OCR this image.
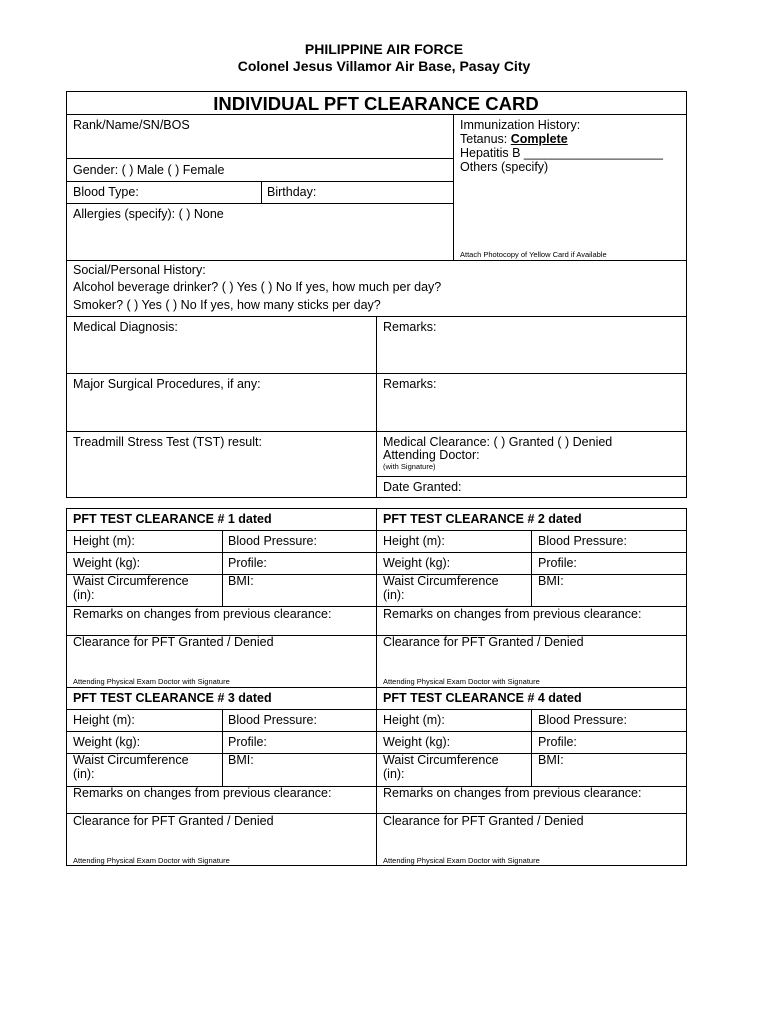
PHILIPPINE AIR FORCE
Colonel Jesus Villamor Air Base, Pasay City
INDIVIDUAL PFT CLEARANCE CARD
Rank/Name/SN/BOS	Immunization History:
Tetanus: Complete
Hepatitis B ____________________
Others (specify)
Gender: ( ) Male ( ) Female
Blood Type:	Birthday:
Allergies (specify): ( ) None
Attach Photocopy of Yellow Card if Available
Social/Personal History:
Alcohol beverage drinker? ( ) Yes ( ) No If yes, how much per day?
Smoker? ( ) Yes ( ) No If yes, how many sticks per day?
Medical Diagnosis:	Remarks:
Major Surgical Procedures, if any:	Remarks:
Treadmill Stress Test (TST) result:	Medical Clearance: ( ) Granted ( ) Denied
Attending Doctor:
(with Signature)
Date Granted:
PFT TEST CLEARANCE # 1 dated
Height (m):	Blood Pressure:
Weight (kg):	Profile:
Waist Circumference
(in):
BMI:
Remarks on changes from previous clearance:
Clearance for PFT Granted / Denied
Attending Physical Exam Doctor with Signature
PFT TEST CLEARANCE # 2 dated
Height (m):	Blood Pressure:
Weight (kg):	Profile:
Waist Circumference
(in):
BMI:
Remarks on changes from previous clearance:
Clearance for PFT Granted / Denied
Attending Physical Exam Doctor with Signature
PFT TEST CLEARANCE # 3 dated
Height (m):	Blood Pressure:
Weight (kg):	Profile:
Waist Circumference
(in):
BMI:
Remarks on changes from previous clearance:
Clearance for PFT Granted / Denied
Attending Physical Exam Doctor with Signature
PFT TEST CLEARANCE # 4 dated
Height (m):	Blood Pressure:
Weight (kg):	Profile:
Waist Circumference
(in):
BMI:
Remarks on changes from previous clearance:
Clearance for PFT Granted / Denied
Attending Physical Exam Doctor with Signature
